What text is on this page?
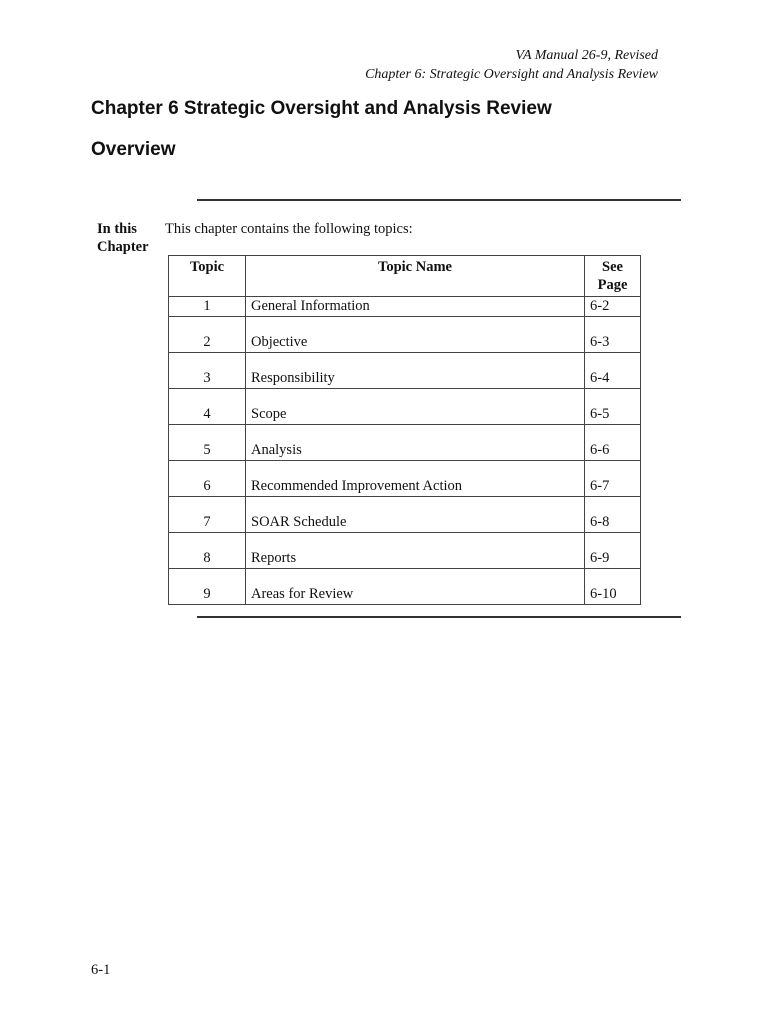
VA Manual 26-9, Revised
Chapter 6: Strategic Oversight and Analysis Review
Chapter 6 Strategic Oversight and Analysis Review
Overview
In this
Chapter
This chapter contains the following topics:
Topic	Topic Name	See
Page

1	General Information	6-2
2	Objective	6-3
3	Responsibility	6-4
4	Scope	6-5
5	Analysis	6-6
6	Recommended Improvement Action	6-7
7	SOAR Schedule	6-8
8	Reports	6-9
9	Areas for Review	6-10
6-1
